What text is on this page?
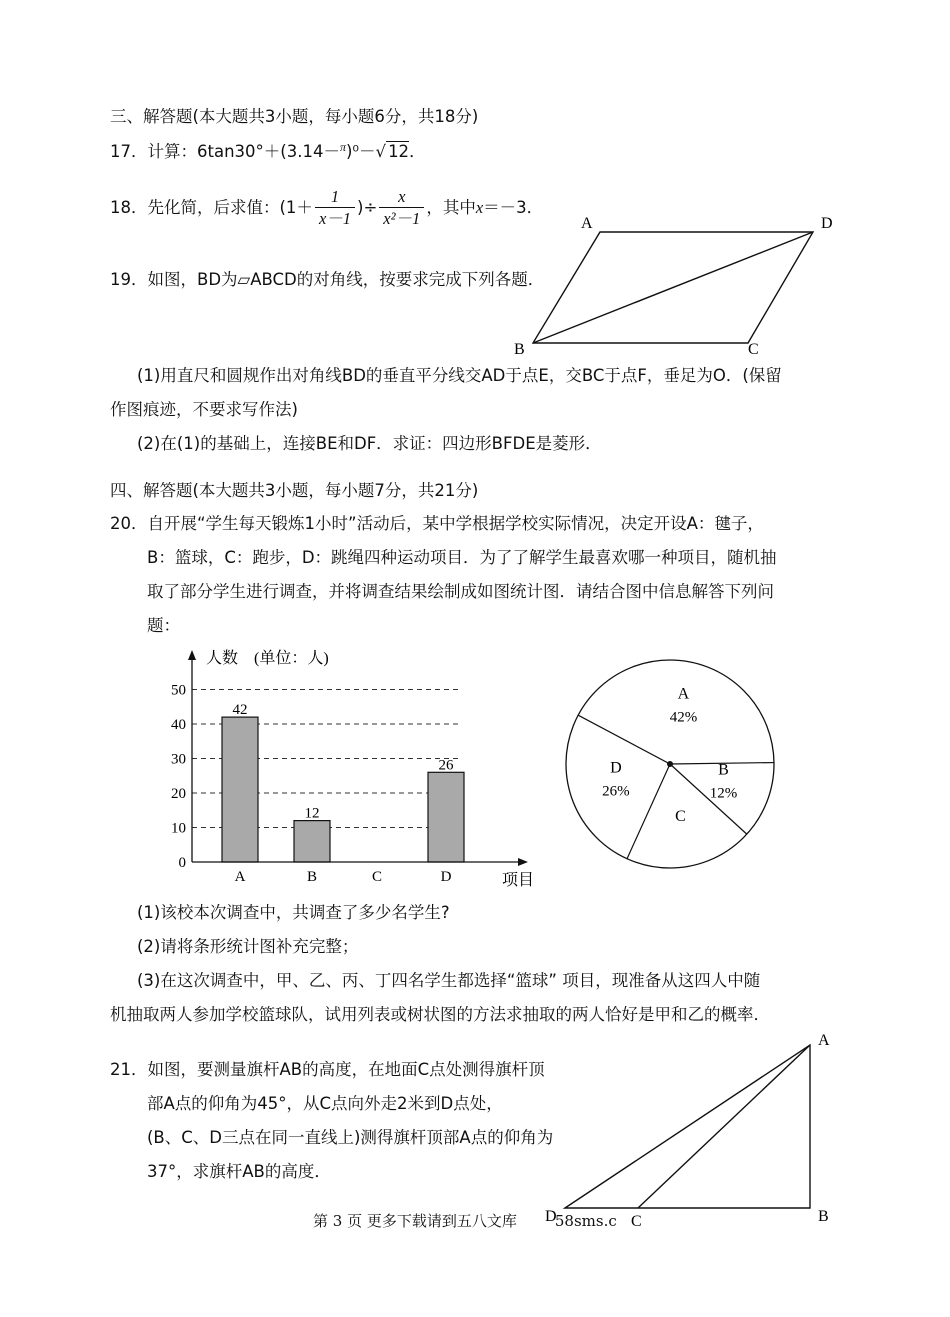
三、解答题(本大题共3小题，每小题6分，共18分)
17．计算：6tan30°＋(3.14－$^\pi$)⁰－√ 12．
18．先化简，后求值： ($1+ \frac{1}{x-1}$ )÷ $\frac{x}{\text{x²－1}}$ ，其中 x ＝－3．
19．如图，BD为▱ABCD的对角线，按要求完成下列各题．
A	D
B	C
(1)用直尺和圆规作出对角线BD的垂直平分线交AD于点E，交BC于点F，垂足为O．(保留
作图痕迹，不要求写作法)
(2)在(1)的基础上，连接BE和DF．求证：四边形BFDE是菱形．
四、解答题(本大题共3小题，每小题7分，共21分)
20．自开展“学生每天锻炼1小时”活动后，某中学根据学校实际情况，决定开设A：毽子，
B：篮球，C：跑步，D：跳绳四种运动项目．为了了解学生最喜欢哪一种项目，随机抽
取了部分学生进行调查，并将调查结果绘制成如图统计图．请结合图中信息解答下列问
题：
人数　(单位：人)
项目
0
10
20
30
40
50
A	B	C	D
42
12
26
A
42%
B
12%
C
D
26%
(1)该校本次调查中，共调查了多少名学生?
(2)请将条形统计图补充完整；
(3)在这次调查中，甲、乙、丙、丁四名学生都选择“篮球” 项目，现准备从这四人中随
机抽取两人参加学校篮球队，试用列表或树状图的方法求抽取的两人恰好是甲和乙的概率．
21．如图，要测量旗杆AB的高度，在地面C点处测得旗杆顶
部A点的仰角为45°，从C点向外走2米到D点处，
(B、C、D三点在同一直线上)测得旗杆顶部A点的仰角为
37°，求旗杆AB的高度．
第 3 页 更多下载请到五八文库	58sms.c
A
B
C
D
